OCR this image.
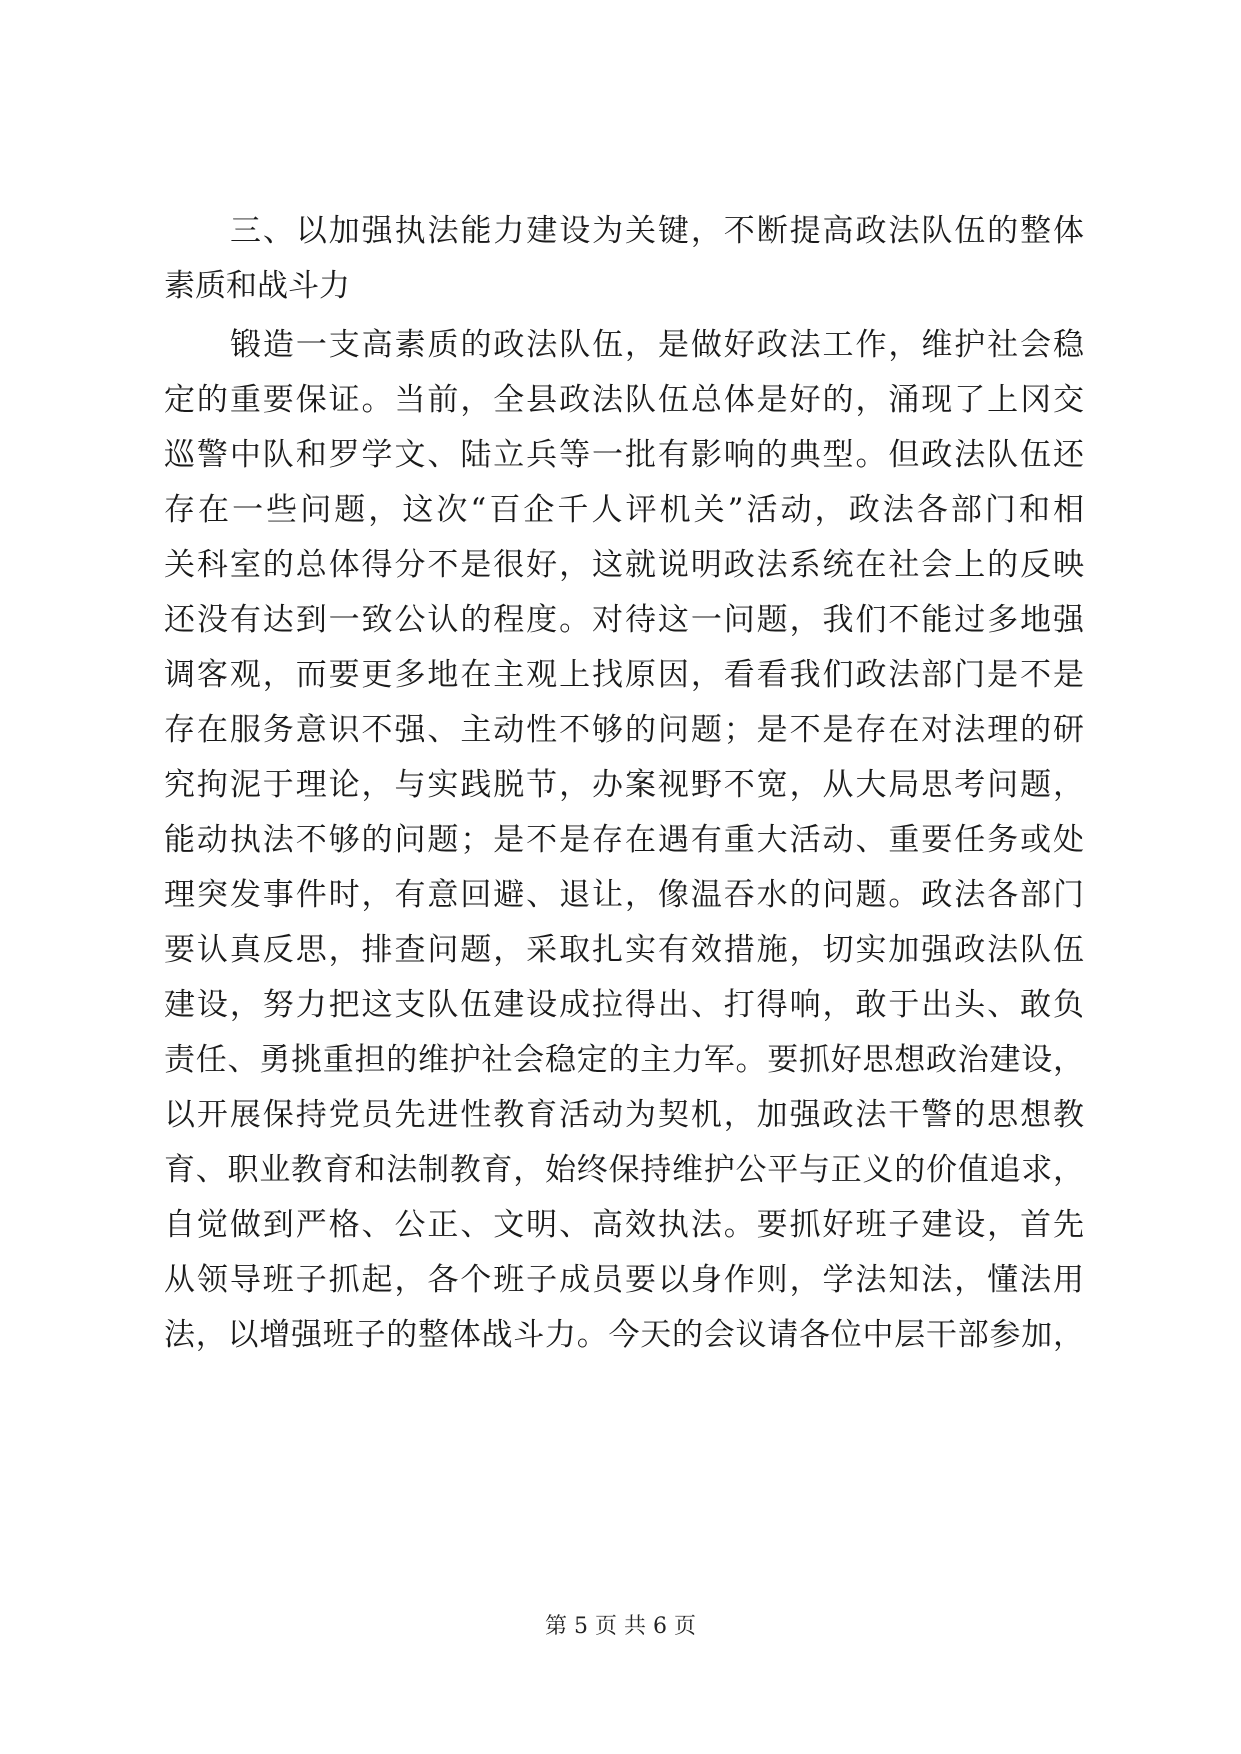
三、以加强执法能力建设为关键，不断提高政法队伍的整体
素质和战斗力
锻造一支高素质的政法队伍，是做好政法工作，维护社会稳
定的重要保证。当前，全县政法队伍总体是好的，涌现了上冈交
巡警中队和罗学文、陆立兵等一批有影响的典型。但政法队伍还
存在一些问题，这次“百企千人评机关”活动，政法各部门和相
关科室的总体得分不是很好，这就说明政法系统在社会上的反映
还没有达到一致公认的程度。对待这一问题，我们不能过多地强
调客观，而要更多地在主观上找原因，看看我们政法部门是不是
存在服务意识不强、主动性不够的问题；是不是存在对法理的研
究拘泥于理论，与实践脱节，办案视野不宽，从大局思考问题，
能动执法不够的问题；是不是存在遇有重大活动、重要任务或处
理突发事件时，有意回避、退让，像温吞水的问题。政法各部门
要认真反思，排查问题，采取扎实有效措施，切实加强政法队伍
建设，努力把这支队伍建设成拉得出、打得响，敢于出头、敢负
责任、勇挑重担的维护社会稳定的主力军。要抓好思想政治建设，
以开展保持党员先进性教育活动为契机，加强政法干警的思想教
育、职业教育和法制教育，始终保持维护公平与正义的价值追求，
自觉做到严格、公正、文明、高效执法。要抓好班子建设，首先
从领导班子抓起，各个班子成员要以身作则，学法知法，懂法用
法，以增强班子的整体战斗力。今天的会议请各位中层干部参加，
第 5 页 共 6 页
